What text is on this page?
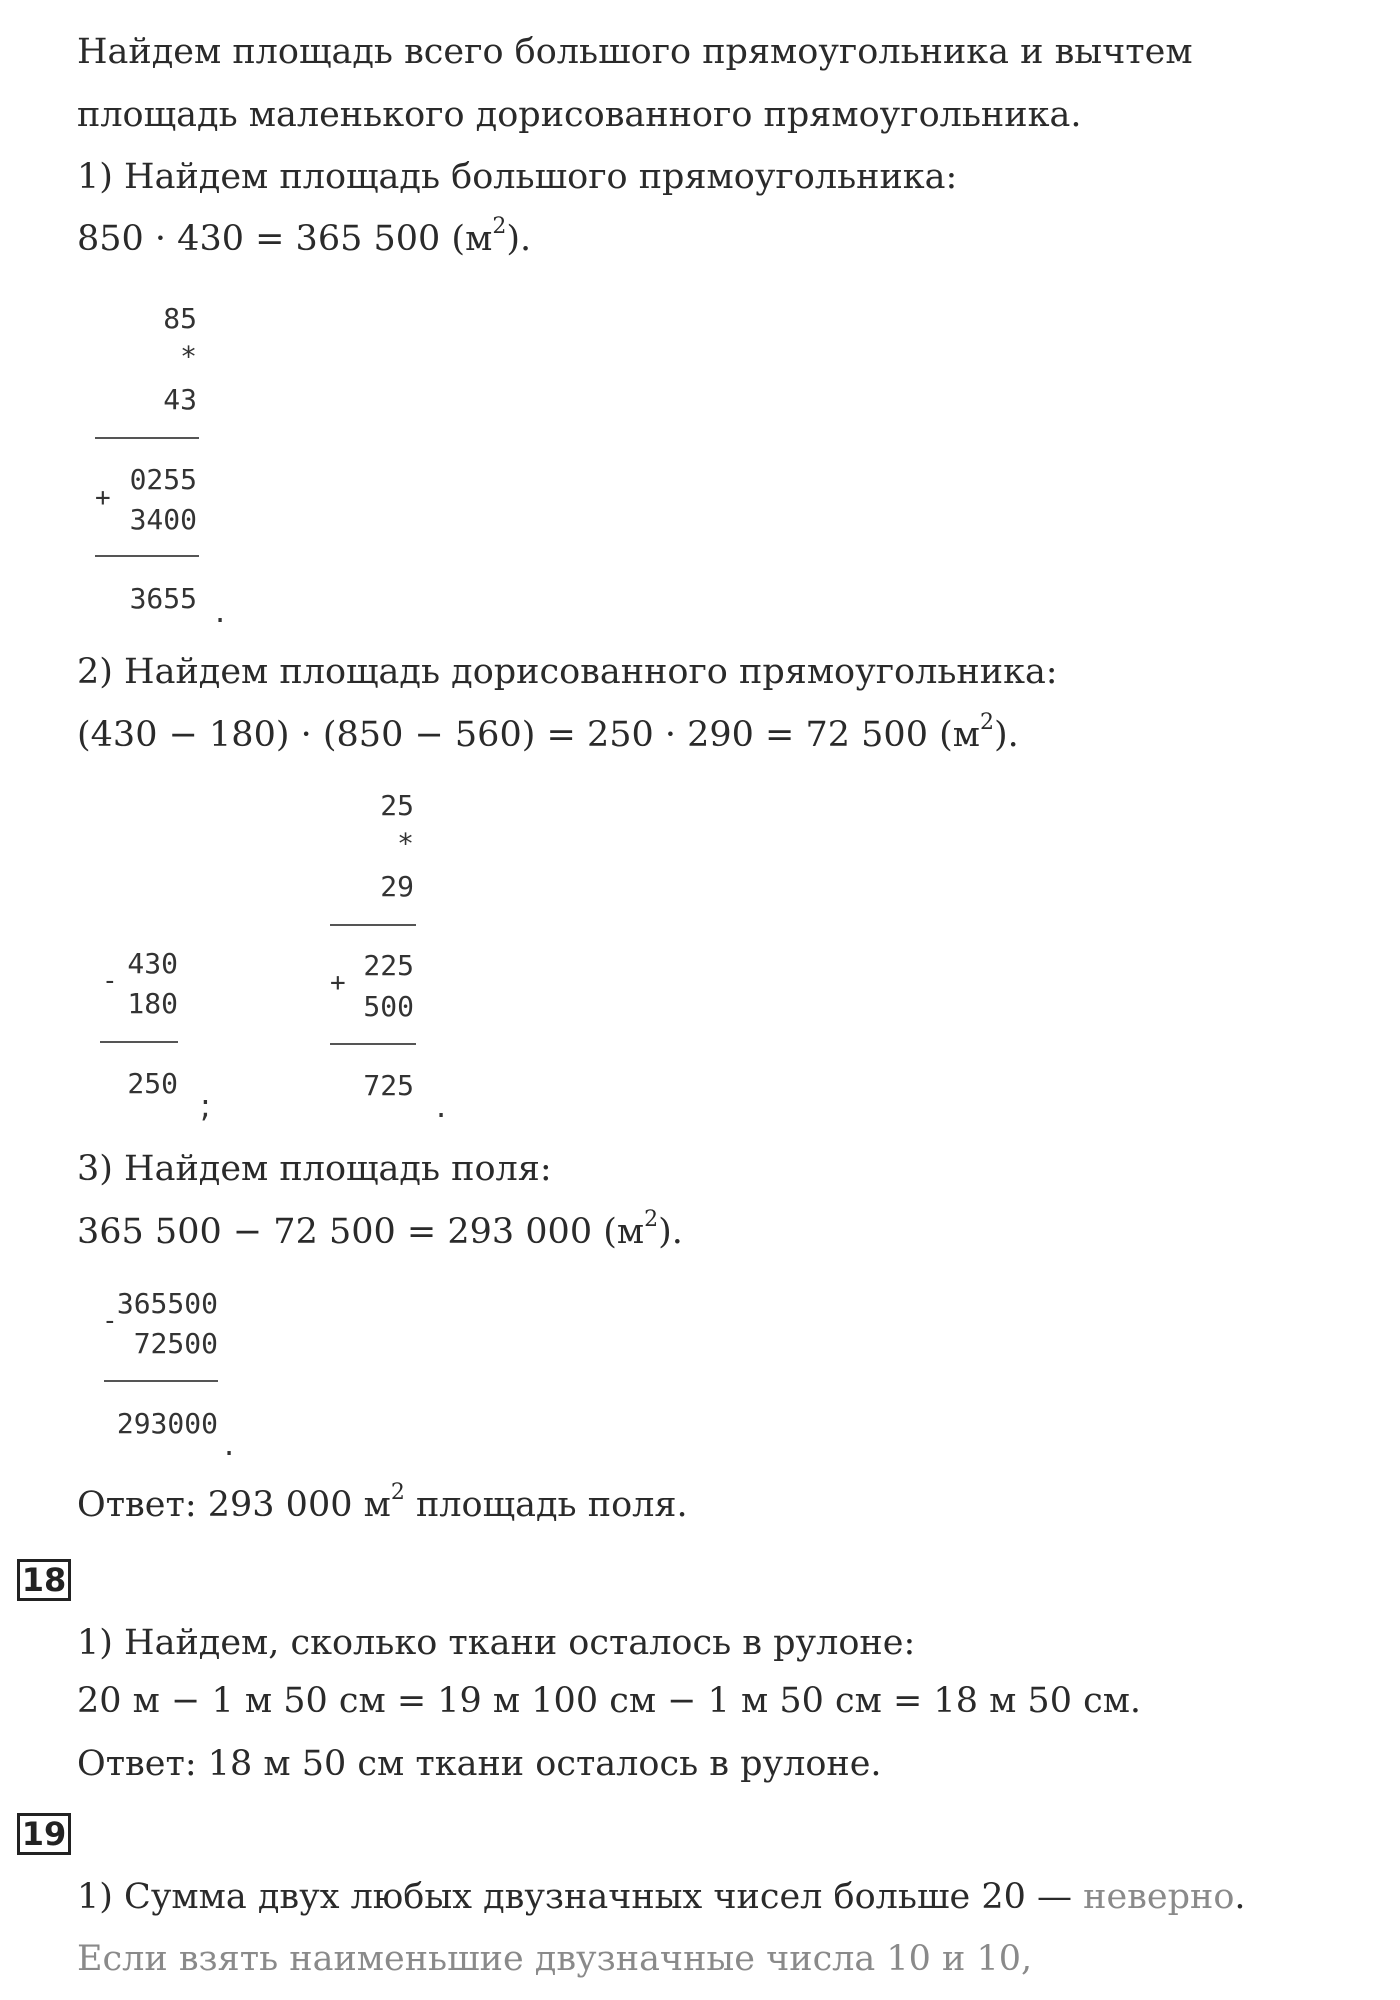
Найдем площадь всего большого прямоугольника и вычтем
площадь маленького дорисованного прямоугольника.
1) Найдем площадь большого прямоугольника:
850 · 430 = 365 500 $(м^2)$.
85
*
43
0255
+
3400
3655 .
2) Найдем площадь дорисованного прямоугольника:
(430 − 180) · (850 − 560) = 250 · 290 = 72 500 $(м^2)$.
-
430
180
250
;
25
*
29
+
225
500
725
.
3) Найдем площадь поля:
365 500 − 72 500 = 293 000 $(м^2)$.
365500
-
72500
293000
.
Ответ: 293 000 $м^2$ площадь поля.
18
1) Найдем, сколько ткани осталось в рулоне:
20 м − 1 м 50 см = 19 м 100 см − 1 м 50 см = 18 м 50 см.
Ответ: 18 м 50 см ткани осталось в рулоне.
19
1) Сумма двух любых двузначных чисел больше 20 — неверно.
Если взять наименьшие двузначные числа 10 и 10,
